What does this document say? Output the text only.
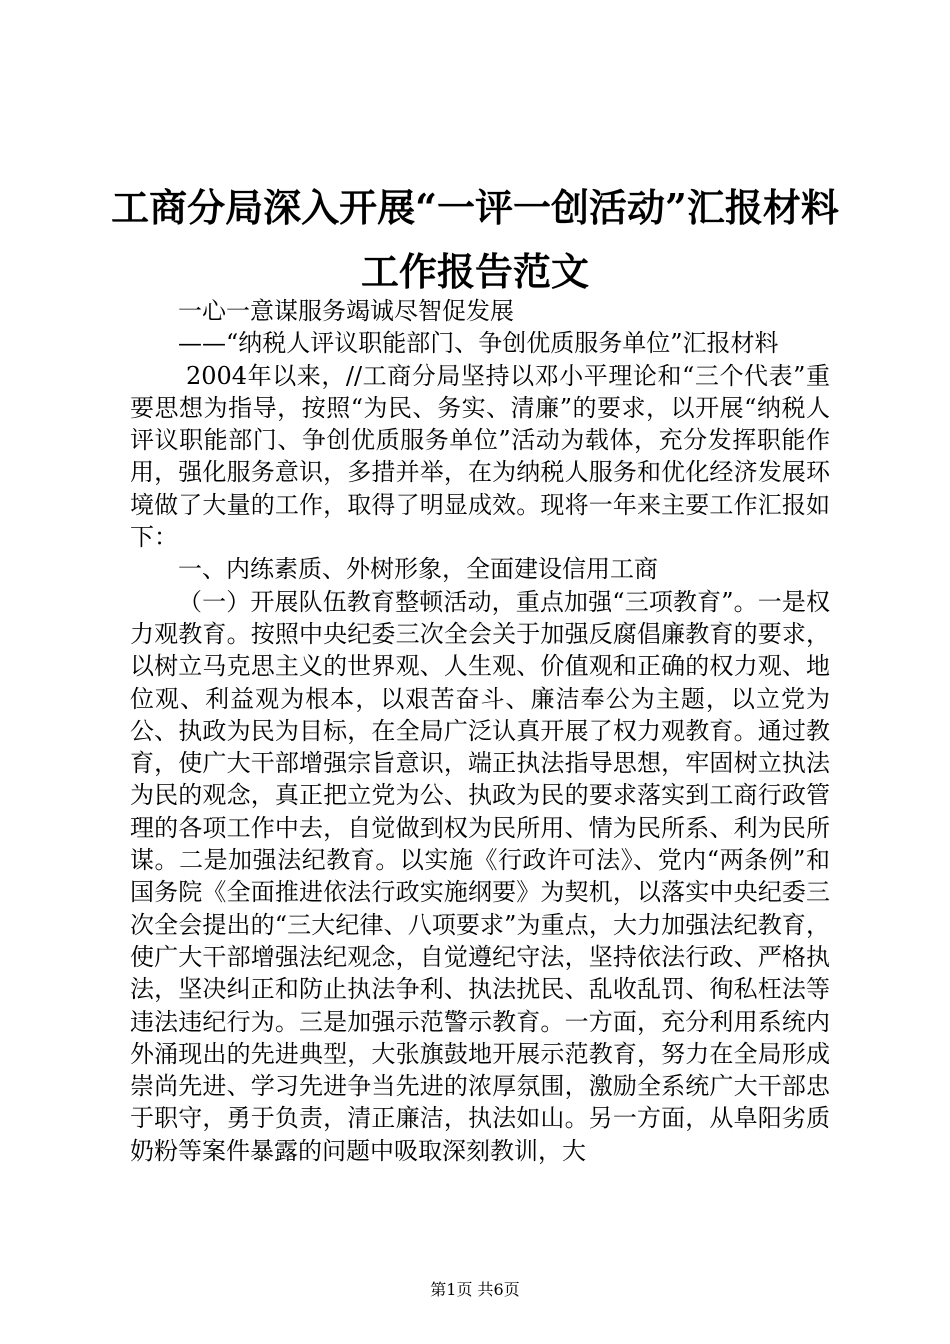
工商分局深入开展“一评一创活动”汇报材料
工作报告范文

一心一意谋服务竭诚尽智促发展

——“纳税人评议职能部门、争创优质服务单位”汇报材料

2004年以来，//工商分局坚持以邓小平理论和“三个代表”重要思想为指导，按照“为民、务实、清廉”的要求，以开展“纳税人评议职能部门、争创优质服务单位”活动为载体，充分发挥职能作用，强化服务意识，多措并举，在为纳税人服务和优化经济发展环境做了大量的工作，取得了明显成效。现将一年来主要工作汇报如下：

一、内练素质、外树形象，全面建设信用工商

（一）开展队伍教育整顿活动，重点加强“三项教育”。一是权力观教育。按照中央纪委三次全会关于加强反腐倡廉教育的要求，以树立马克思主义的世界观、人生观、价值观和正确的权力观、地位观、利益观为根本，以艰苦奋斗、廉洁奉公为主题，以立党为公、执政为民为目标，在全局广泛认真开展了权力观教育。通过教育，使广大干部增强宗旨意识，端正执法指导思想，牢固树立执法为民的观念，真正把立党为公、执政为民的要求落实到工商行政管理的各项工作中去，自觉做到权为民所用、情为民所系、利为民所谋。二是加强法纪教育。以实施《行政许可法》、党内“两条例”和国务院《全面推进依法行政实施纲要》为契机，以落实中央纪委三次全会提出的“三大纪律、八项要求”为重点，大力加强法纪教育，使广大干部增强法纪观念，自觉遵纪守法，坚持依法行政、严格执法，坚决纠正和防止执法争利、执法扰民、乱收乱罚、徇私枉法等违法违纪行为。三是加强示范警示教育。一方面，充分利用系统内外涌现出的先进典型，大张旗鼓地开展示范教育，努力在全局形成崇尚先进、学习先进争当先进的浓厚氛围，激励全系统广大干部忠于职守，勇于负责，清正廉洁，执法如山。另一方面，从阜阳劣质奶粉等案件暴露的问题中吸取深刻教训，大

第1页 共6页
